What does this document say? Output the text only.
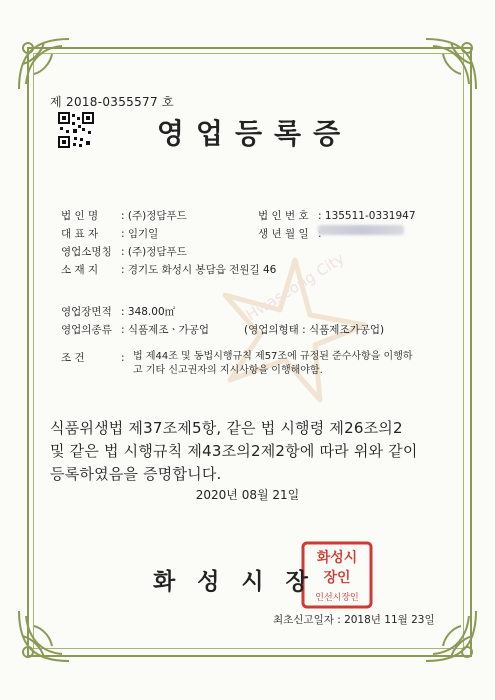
Hwaseong City
제 2018-0355577 호
영업등록증
법 인 명 : (주)정담푸드	법 인 번 호 : 135511-0331947
대 표 자 : 임기일	생 년 월 일
영업소명칭 : (주)정담푸드
소 재 지 : 경기도 화성시 봉담읍 전원길 46
영업장면적 : 348.00㎡
영업의종류 : 식품제조ㆍ가공업	(영업의형태 : 식품제조가공업)
조 건	: 법 제44조 및 동법시행규칙 제57조에 규정된 준수사항을 이행하
고 기타 신고권자의 지시사항을 이행해야함.
식품위생법 제37조제5항, 같은 법 시행령 제26조의2
및 같은 법 시행규칙 제43조의2제2항에 따라 위와 같이
등록하였음을 증명합니다.
2020년 08월 21일
화성시
장인
인선시장인
화성시장
최초신고일자 : 2018년 11월 23일
